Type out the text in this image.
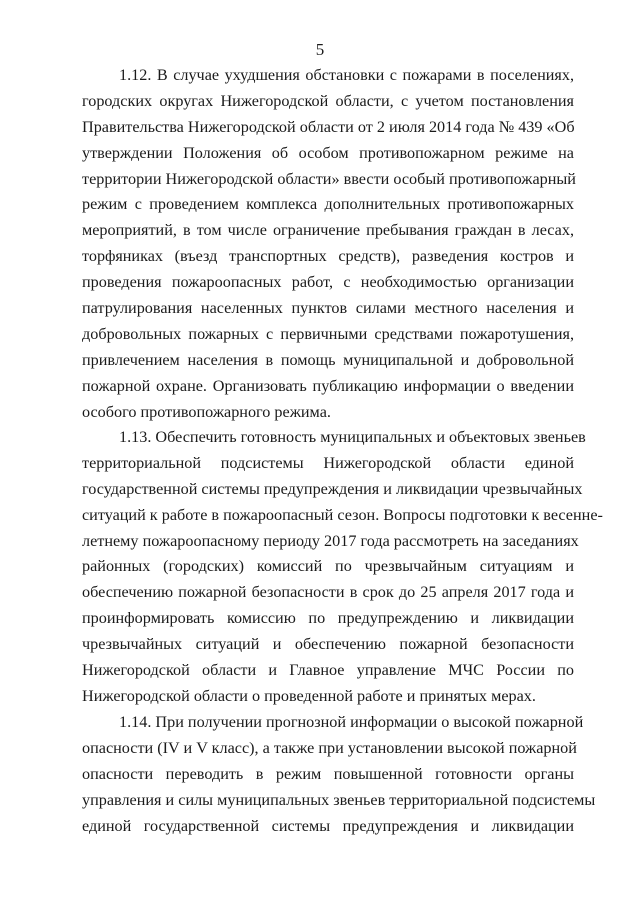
5
1.12. В случае ухудшения обстановки с пожарами в поселениях,
городских округах Нижегородской области, с учетом постановления
Правительства Нижегородской области от 2 июля 2014 года № 439 «Об
утверждении Положения об особом противопожарном режиме на
территории Нижегородской области» ввести особый противопожарный
режим с проведением комплекса дополнительных противопожарных
мероприятий, в том числе ограничение пребывания граждан в лесах,
торфяниках (въезд транспортных средств), разведения костров и
проведения пожароопасных работ, с необходимостью организации
патрулирования населенных пунктов силами местного населения и
добровольных пожарных с первичными средствами пожаротушения,
привлечением населения в помощь муниципальной и добровольной
пожарной охране. Организовать публикацию информации о введении
особого противопожарного режима.
1.13. Обеспечить готовность муниципальных и объектовых звеньев
территориальной подсистемы Нижегородской области единой
государственной системы предупреждения и ликвидации чрезвычайных
ситуаций к работе в пожароопасный сезон. Вопросы подготовки к весенне-
летнему пожароопасному периоду 2017 года рассмотреть на заседаниях
районных (городских) комиссий по чрезвычайным ситуациям и
обеспечению пожарной безопасности в срок до 25 апреля 2017 года и
проинформировать комиссию по предупреждению и ликвидации
чрезвычайных ситуаций и обеспечению пожарной безопасности
Нижегородской области и Главное управление МЧС России по
Нижегородской области о проведенной работе и принятых мерах.
1.14. При получении прогнозной информации о высокой пожарной
опасности (IV и V класс), а также при установлении высокой пожарной
опасности переводить в режим повышенной готовности органы
управления и силы муниципальных звеньев территориальной подсистемы
единой государственной системы предупреждения и ликвидации
